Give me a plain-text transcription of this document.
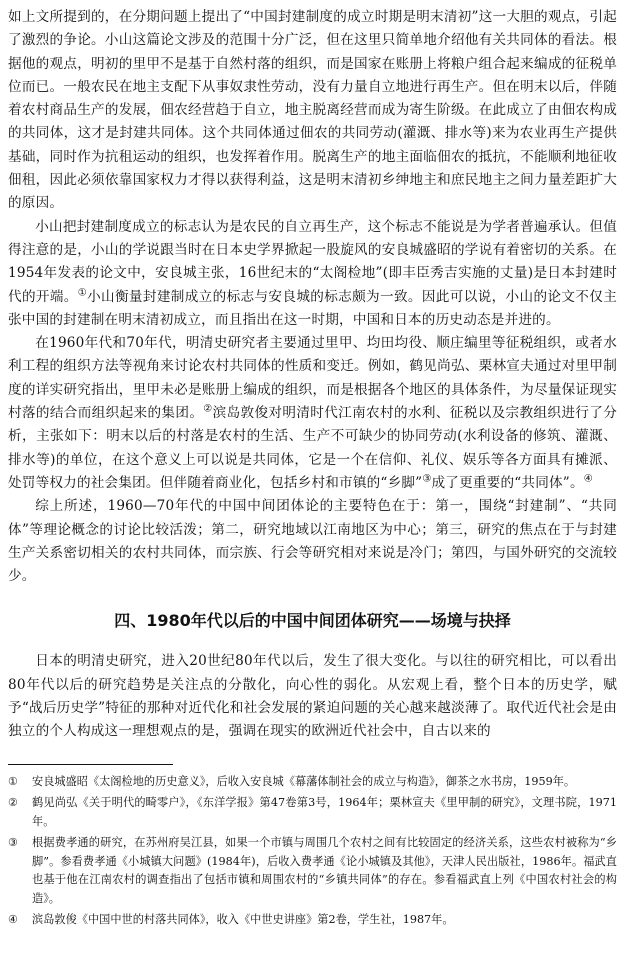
如上文所提到的，在分期问题上提出了“中国封建制度的成立时期是明末清初”这一大胆的观点，引起了激烈的争论。小山这篇论文涉及的范围十分广泛，但在这里只简单地介绍他有关共同体的看法。根据他的观点，明初的里甲不是基于自然村落的组织，而是国家在账册上将粮户组合起来编成的征税单位而已。一般农民在地主支配下从事奴隶性劳动，没有力量自立地进行再生产。但在明末以后，伴随着农村商品生产的发展，佃农经营趋于自立，地主脱离经营而成为寄生阶级。在此成立了由佃农构成的共同体，这才是封建共同体。这个共同体通过佃农的共同劳动(灌溉、排水等)来为农业再生产提供基础，同时作为抗租运动的组织，也发挥着作用。脱离生产的地主面临佃农的抵抗，不能顺利地征收佃租，因此必须依靠国家权力才得以获得利益，这是明末清初乡绅地主和庶民地主之间力量差距扩大的原因。

小山把封建制度成立的标志认为是农民的自立再生产，这个标志不能说是为学者普遍承认。但值得注意的是，小山的学说跟当时在日本史学界掀起一股旋风的安良城盛昭的学说有着密切的关系。在1954年发表的论文中，安良城主张，16世纪末的“太阁检地”(即丰臣秀吉实施的丈量)是日本封建时代的开端。①小山衡量封建制成立的标志与安良城的标志颇为一致。因此可以说，小山的论文不仅主张中国的封建制在明末清初成立，而且指出在这一时期，中国和日本的历史动态是并进的。

在1960年代和70年代，明清史研究者主要通过里甲、均田均役、顺庄编里等征税组织，或者水利工程的组织方法等视角来讨论农村共同体的性质和变迁。例如，鹤见尚弘、栗林宣夫通过对里甲制度的详实研究指出，里甲未必是账册上编成的组织，而是根据各个地区的具体条件，为尽量保证现实村落的结合而组织起来的集团。②滨岛敦俊对明清时代江南农村的水利、征税以及宗教组织进行了分析，主张如下：明末以后的村落是农村的生活、生产不可缺少的协同劳动(水利设备的修筑、灌溉、排水等)的单位，在这个意义上可以说是共同体，它是一个在信仰、礼仪、娱乐等各方面具有摊派、处罚等权力的社会集团。但伴随着商业化，包括乡村和市镇的“乡脚”③成了更重要的“共同体”。④

综上所述，1960—70年代的中国中间团体论的主要特色在于：第一，围绕“封建制”、“共同体”等理论概念的讨论比较活泼；第二，研究地域以江南地区为中心；第三，研究的焦点在于与封建生产关系密切相关的农村共同体，而宗族、行会等研究相对来说是冷门；第四，与国外研究的交流较少。

四、1980年代以后的中国中间团体研究——场境与抉择

日本的明清史研究，进入20世纪80年代以后，发生了很大变化。与以往的研究相比，可以看出80年代以后的研究趋势是关注点的分散化，向心性的弱化。从宏观上看，整个日本的历史学，赋予“战后历史学”特征的那种对近代化和社会发展的紧迫问题的关心越来越淡薄了。取代近代社会是由独立的个人构成这一理想观点的是，强调在现实的欧洲近代社会中，自古以来的

①	安良城盛昭《太阁检地的历史意义》，后收入安良城《幕藩体制社会的成立与构造》，御茶之水书房，1959年。
②	鹤见尚弘《关于明代的畸零户》，《东洋学报》第47卷第3号，1964年；栗林宣夫《里甲制的研究》，文理书院，1971年。
③	根据费孝通的研究，在苏州府吴江县，如果一个市镇与周围几个农村之间有比较固定的经济关系，这些农村被称为“乡脚”。参看费孝通《小城镇大问题》(1984年)，后收入费孝通《论小城镇及其他》，天津人民出版社，1986年。福武直也基于他在江南农村的调查指出了包括市镇和周围农村的“乡镇共同体”的存在。参看福武直上列《中国农村社会的构造》。
④	滨岛敦俊《中国中世的村落共同体》，收入《中世史讲座》第2卷，学生社，1987年。
